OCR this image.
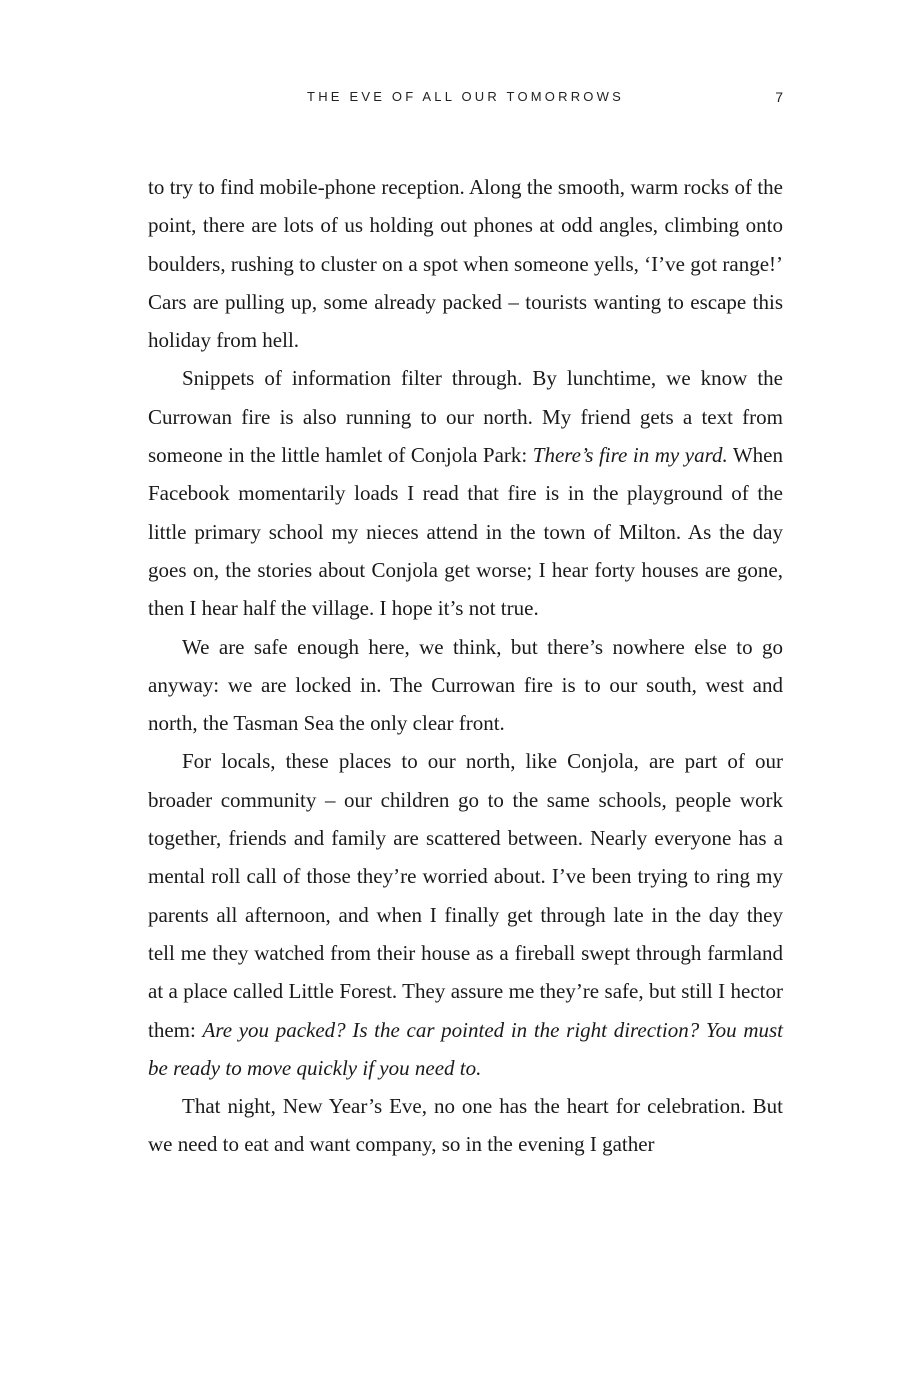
THE EVE OF ALL OUR TOMORROWS	7

to try to find mobile-phone reception. Along the smooth, warm rocks of the point, there are lots of us holding out phones at odd angles, climbing onto boulders, rushing to cluster on a spot when someone yells, ‘I’ve got range!’ Cars are pulling up, some already packed – tourists wanting to escape this holiday from hell.

Snippets of information filter through. By lunchtime, we know the Currowan fire is also running to our north. My friend gets a text from someone in the little hamlet of Conjola Park: There’s fire in my yard. When Facebook momentarily loads I read that fire is in the playground of the little primary school my nieces attend in the town of Milton. As the day goes on, the stories about Conjola get worse; I hear forty houses are gone, then I hear half the village. I hope it’s not true.

We are safe enough here, we think, but there’s nowhere else to go anyway: we are locked in. The Currowan fire is to our south, west and north, the Tasman Sea the only clear front.

For locals, these places to our north, like Conjola, are part of our broader community – our children go to the same schools, people work together, friends and family are scattered between. Nearly everyone has a mental roll call of those they’re worried about. I’ve been trying to ring my parents all afternoon, and when I finally get through late in the day they tell me they watched from their house as a fireball swept through farmland at a place called Little Forest. They assure me they’re safe, but still I hector them: Are you packed? Is the car pointed in the right direction? You must be ready to move quickly if you need to.

That night, New Year’s Eve, no one has the heart for celebration. But we need to eat and want company, so in the evening I gather
